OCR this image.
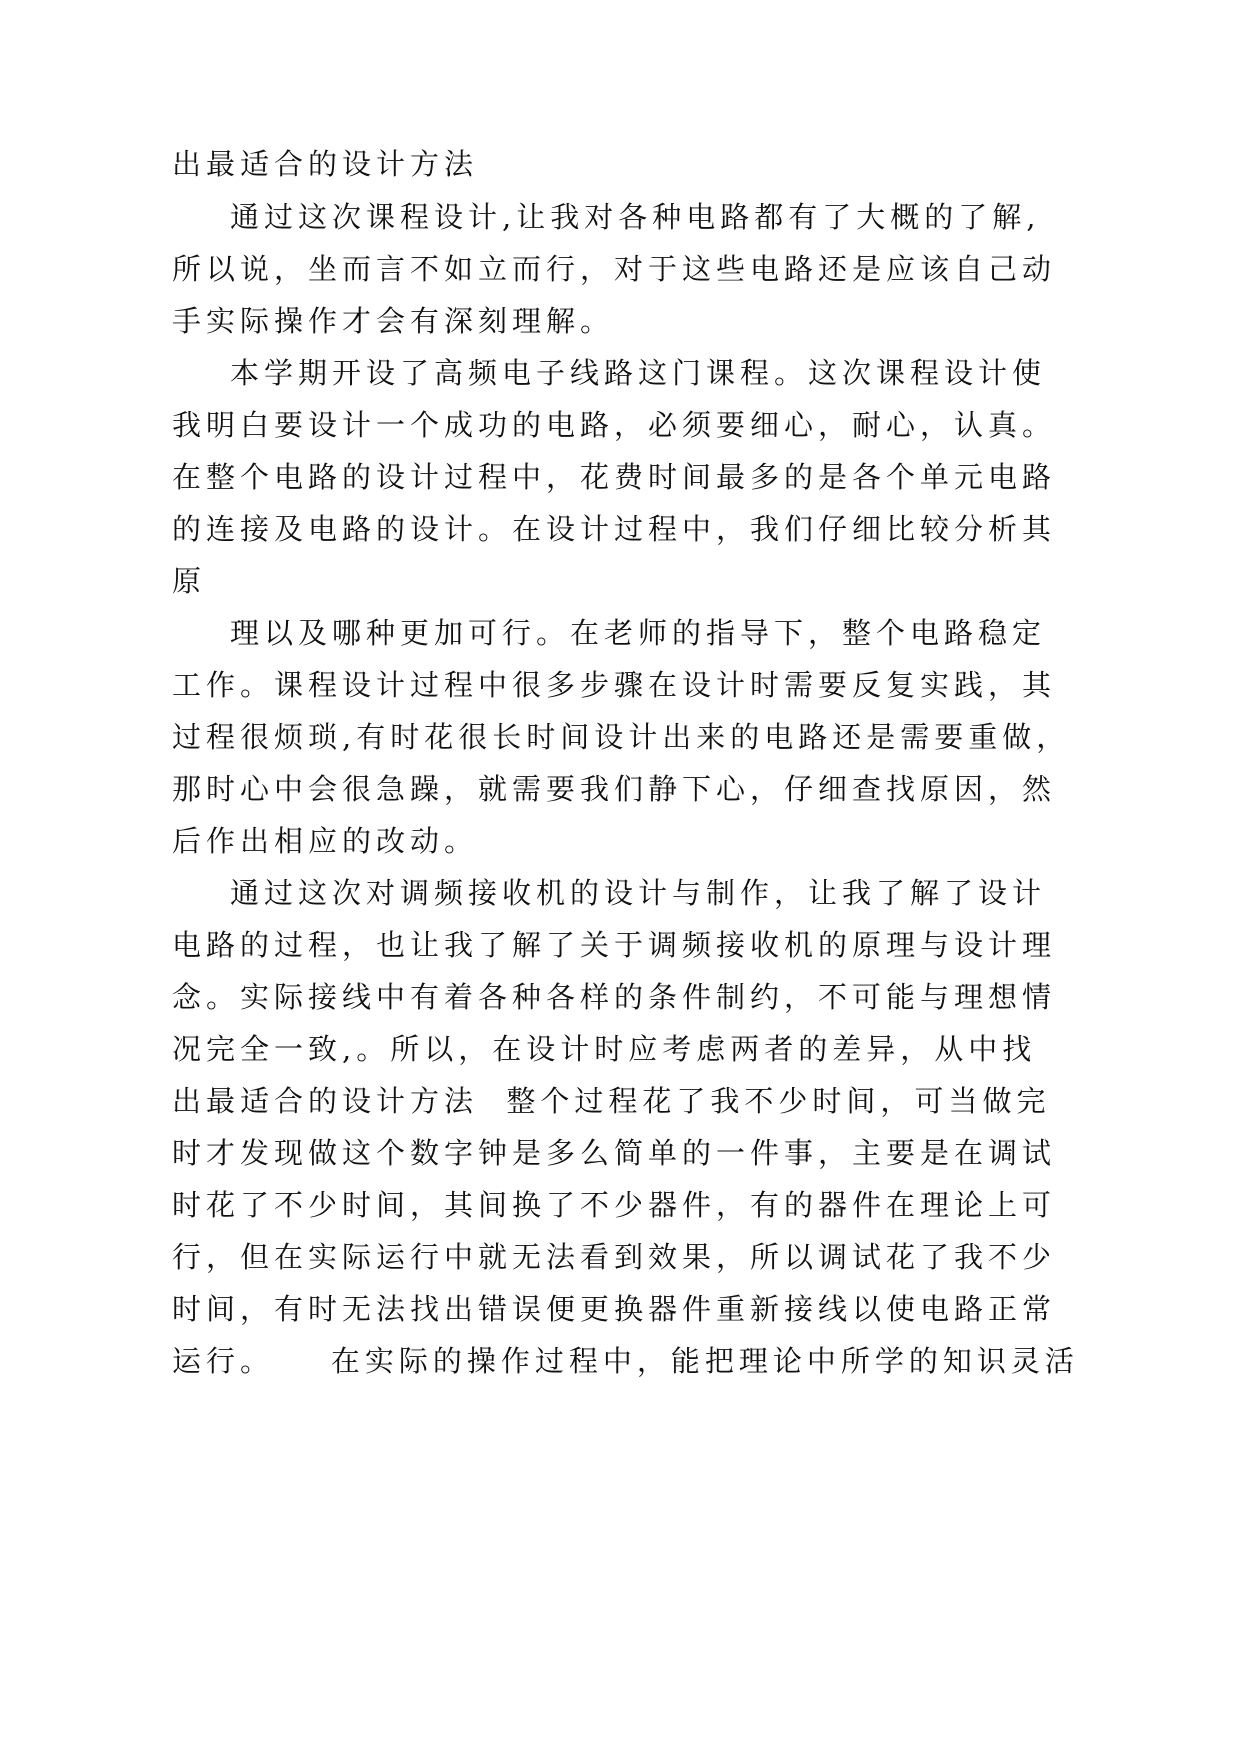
出最适合的设计方法
通过这次课程设计,让我对各种电路都有了大概的了解,
所以说，坐而言不如立而行，对于这些电路还是应该自己动
手实际操作才会有深刻理解。
本学期开设了高频电子线路这门课程。这次课程设计使
我明白要设计一个成功的电路，必须要细心，耐心，认真。
在整个电路的设计过程中，花费时间最多的是各个单元电路
的连接及电路的设计。在设计过程中，我们仔细比较分析其
原
理以及哪种更加可行。在老师的指导下，整个电路稳定
工作。课程设计过程中很多步骤在设计时需要反复实践，其
过程很烦琐,有时花很长时间设计出来的电路还是需要重做，
那时心中会很急躁，就需要我们静下心，仔细查找原因，然
后作出相应的改动。
通过这次对调频接收机的设计与制作，让我了解了设计
电路的过程，也让我了解了关于调频接收机的原理与设计理
念。实际接线中有着各种各样的条件制约，不可能与理想情
况完全一致,。所以，在设计时应考虑两者的差异，从中找
出最适合的设计方法  整个过程花了我不少时间，可当做完
时才发现做这个数字钟是多么简单的一件事，主要是在调试
时花了不少时间，其间换了不少器件，有的器件在理论上可
行，但在实际运行中就无法看到效果，所以调试花了我不少
时间，有时无法找出错误便更换器件重新接线以使电路正常
运行。    在实际的操作过程中，能把理论中所学的知识灵活
